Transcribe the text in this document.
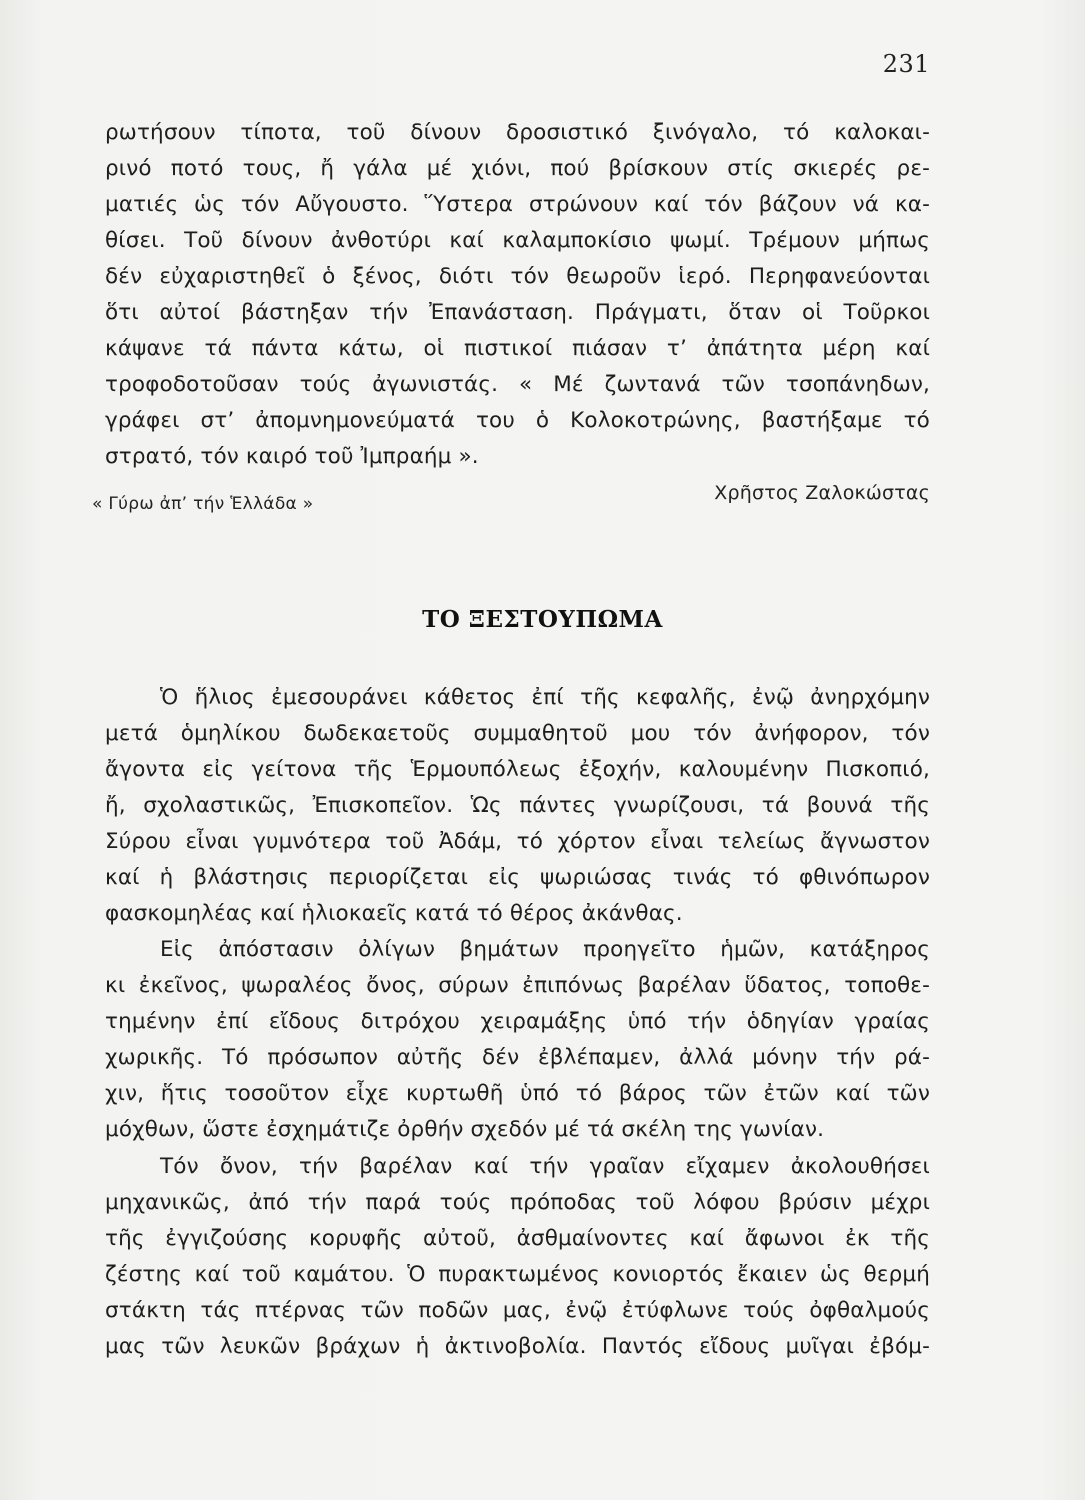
231
ρωτήσουν τίποτα, τοῦ δίνουν δροσιστικό ξινόγαλο, τό καλοκαι-
ρινό ποτό τους, ἤ γάλα μέ χιόνι, πού βρίσκουν στίς σκιερές ρε-
ματιές ὡς τόν Αὔγουστο. Ὕστερα στρώνουν καί τόν βάζουν νά κα-
θίσει. Τοῦ δίνουν ἀνθοτύρι καί καλαμποκίσιο ψωμί. Τρέμουν μήπως
δέν εὐχαριστηθεῖ ὁ ξένος, διότι τόν θεωροῦν ἱερό. Περηφανεύονται
ὅτι αὐτοί βάστηξαν τήν Ἐπανάσταση. Πράγματι, ὅταν οἱ Τοῦρκοι
κάψανε τά πάντα κάτω, οἱ πιστικοί πιάσαν τ’ ἀπάτητα μέρη καί
τροφοδοτοῦσαν τούς ἀγωνιστάς. « Μέ ζωντανά τῶν τσοπάνηδων,
γράφει στ’ ἀπομνημονεύματά του ὁ Κολοκοτρώνης, βαστήξαμε τό
στρατό, τόν καιρό τοῦ Ἰμπραήμ ».
« Γύρω ἀπ’ τήν Ἑλλάδα »	Χρῆστος Ζαλοκώστας
ΤΟ ΞΕΣΤΟΥΠΩΜΑ
Ὁ ἥλιος ἐμεσουράνει κάθετος ἐπί τῆς κεφαλῆς, ἐνῷ ἀνηρχόμην
μετά ὁμηλίκου δωδεκαετοῦς συμμαθητοῦ μου τόν ἀνήφορον, τόν
ἄγοντα εἰς γείτονα τῆς Ἑρμουπόλεως ἐξοχήν, καλουμένην Πισκοπιό,
ἤ, σχολαστικῶς, Ἐπισκοπεῖον. Ὡς πάντες γνωρίζουσι, τά βουνά τῆς
Σύρου εἶναι γυμνότερα τοῦ Ἀδάμ, τό χόρτον εἶναι τελείως ἄγνωστον
καί ἡ βλάστησις περιορίζεται εἰς ψωριώσας τινάς τό φθινόπωρον
φασκομηλέας καί ἡλιοκαεῖς κατά τό θέρος ἀκάνθας.
Εἰς ἀπόστασιν ὀλίγων βημάτων προηγεῖτο ἡμῶν, κατάξηρος
κι ἐκεῖνος, ψωραλέος ὄνος, σύρων ἐπιπόνως βαρέλαν ὕδατος, τοποθε-
τημένην ἐπί εἴδους διτρόχου χειραμάξης ὑπό τήν ὁδηγίαν γραίας
χωρικῆς. Τό πρόσωπον αὐτῆς δέν ἐβλέπαμεν, ἀλλά μόνην τήν ρά-
χιν, ἥτις τοσοῦτον εἶχε κυρτωθῆ ὑπό τό βάρος τῶν ἐτῶν καί τῶν
μόχθων, ὥστε ἐσχημάτιζε ὀρθήν σχεδόν μέ τά σκέλη της γωνίαν.
Τόν ὄνον, τήν βαρέλαν καί τήν γραῖαν εἴχαμεν ἀκολουθήσει
μηχανικῶς, ἀπό τήν παρά τούς πρόποδας τοῦ λόφου βρύσιν μέχρι
τῆς ἐγγιζούσης κορυφῆς αὐτοῦ, ἀσθμαίνοντες καί ἄφωνοι ἐκ τῆς
ζέστης καί τοῦ καμάτου. Ὁ πυρακτωμένος κονιορτός ἔκαιεν ὡς θερμή
στάκτη τάς πτέρνας τῶν ποδῶν μας, ἐνῷ ἐτύφλωνε τούς ὀφθαλμούς
μας τῶν λευκῶν βράχων ἡ ἀκτινοβολία. Παντός εἴδους μυῖγαι ἐβόμ-
